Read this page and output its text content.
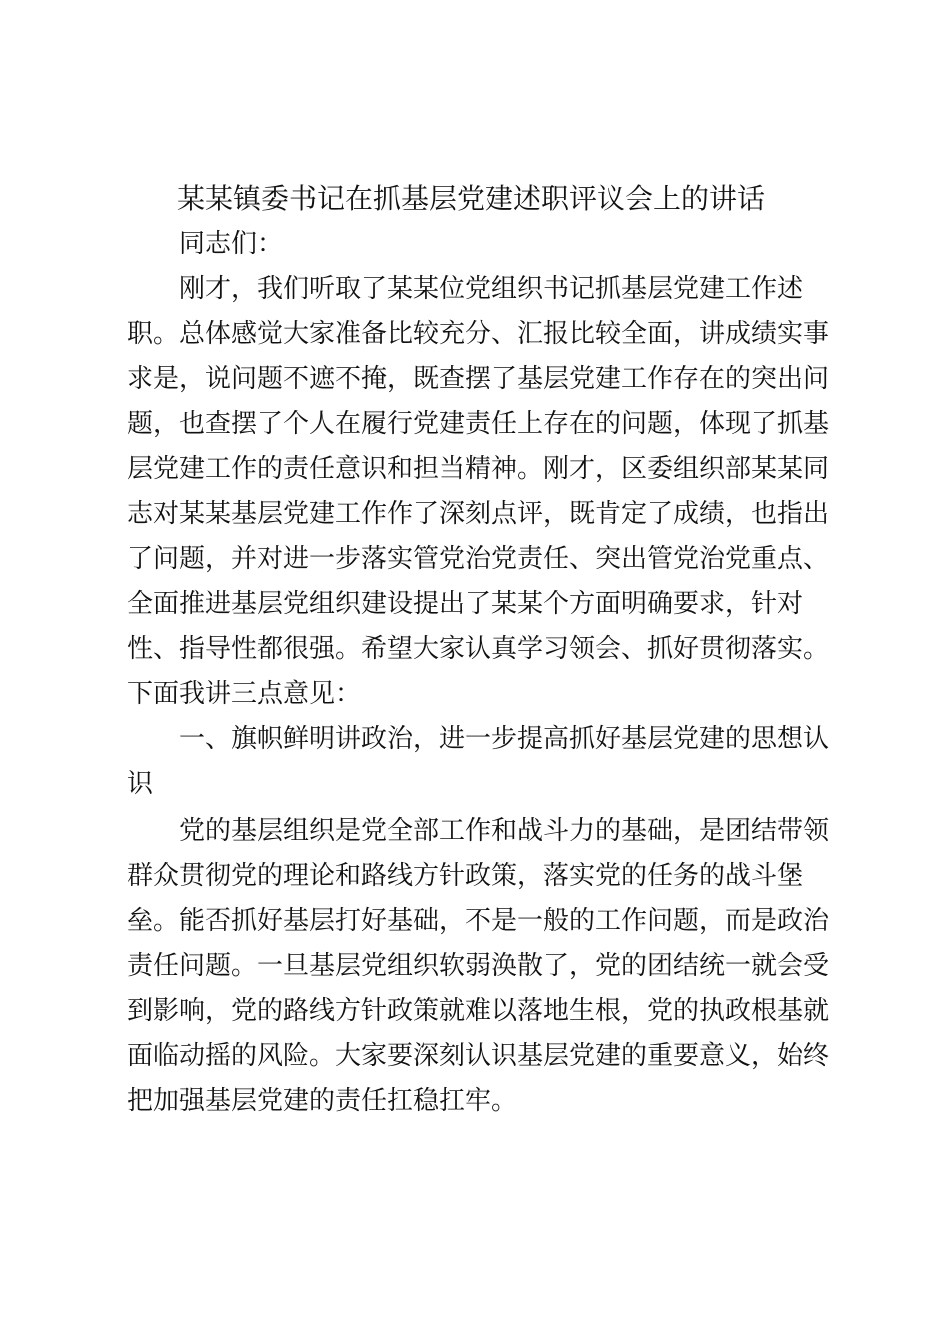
某某镇委书记在抓基层党建述职评议会上的讲话
同志们：
刚才，我们听取了某某位党组织书记抓基层党建工作述
职。总体感觉大家准备比较充分、汇报比较全面，讲成绩实事
求是，说问题不遮不掩，既查摆了基层党建工作存在的突出问
题，也查摆了个人在履行党建责任上存在的问题，体现了抓基
层党建工作的责任意识和担当精神。刚才，区委组织部某某同
志对某某基层党建工作作了深刻点评，既肯定了成绩，也指出
了问题，并对进一步落实管党治党责任、突出管党治党重点、
全面推进基层党组织建设提出了某某个方面明确要求，针对
性、指导性都很强。希望大家认真学习领会、抓好贯彻落实。
下面我讲三点意见：
一、旗帜鲜明讲政治，进一步提高抓好基层党建的思想认
识
党的基层组织是党全部工作和战斗力的基础，是团结带领
群众贯彻党的理论和路线方针政策，落实党的任务的战斗堡
垒。能否抓好基层打好基础，不是一般的工作问题，而是政治
责任问题。一旦基层党组织软弱涣散了，党的团结统一就会受
到影响，党的路线方针政策就难以落地生根，党的执政根基就
面临动摇的风险。大家要深刻认识基层党建的重要意义，始终
把加强基层党建的责任扛稳扛牢。
